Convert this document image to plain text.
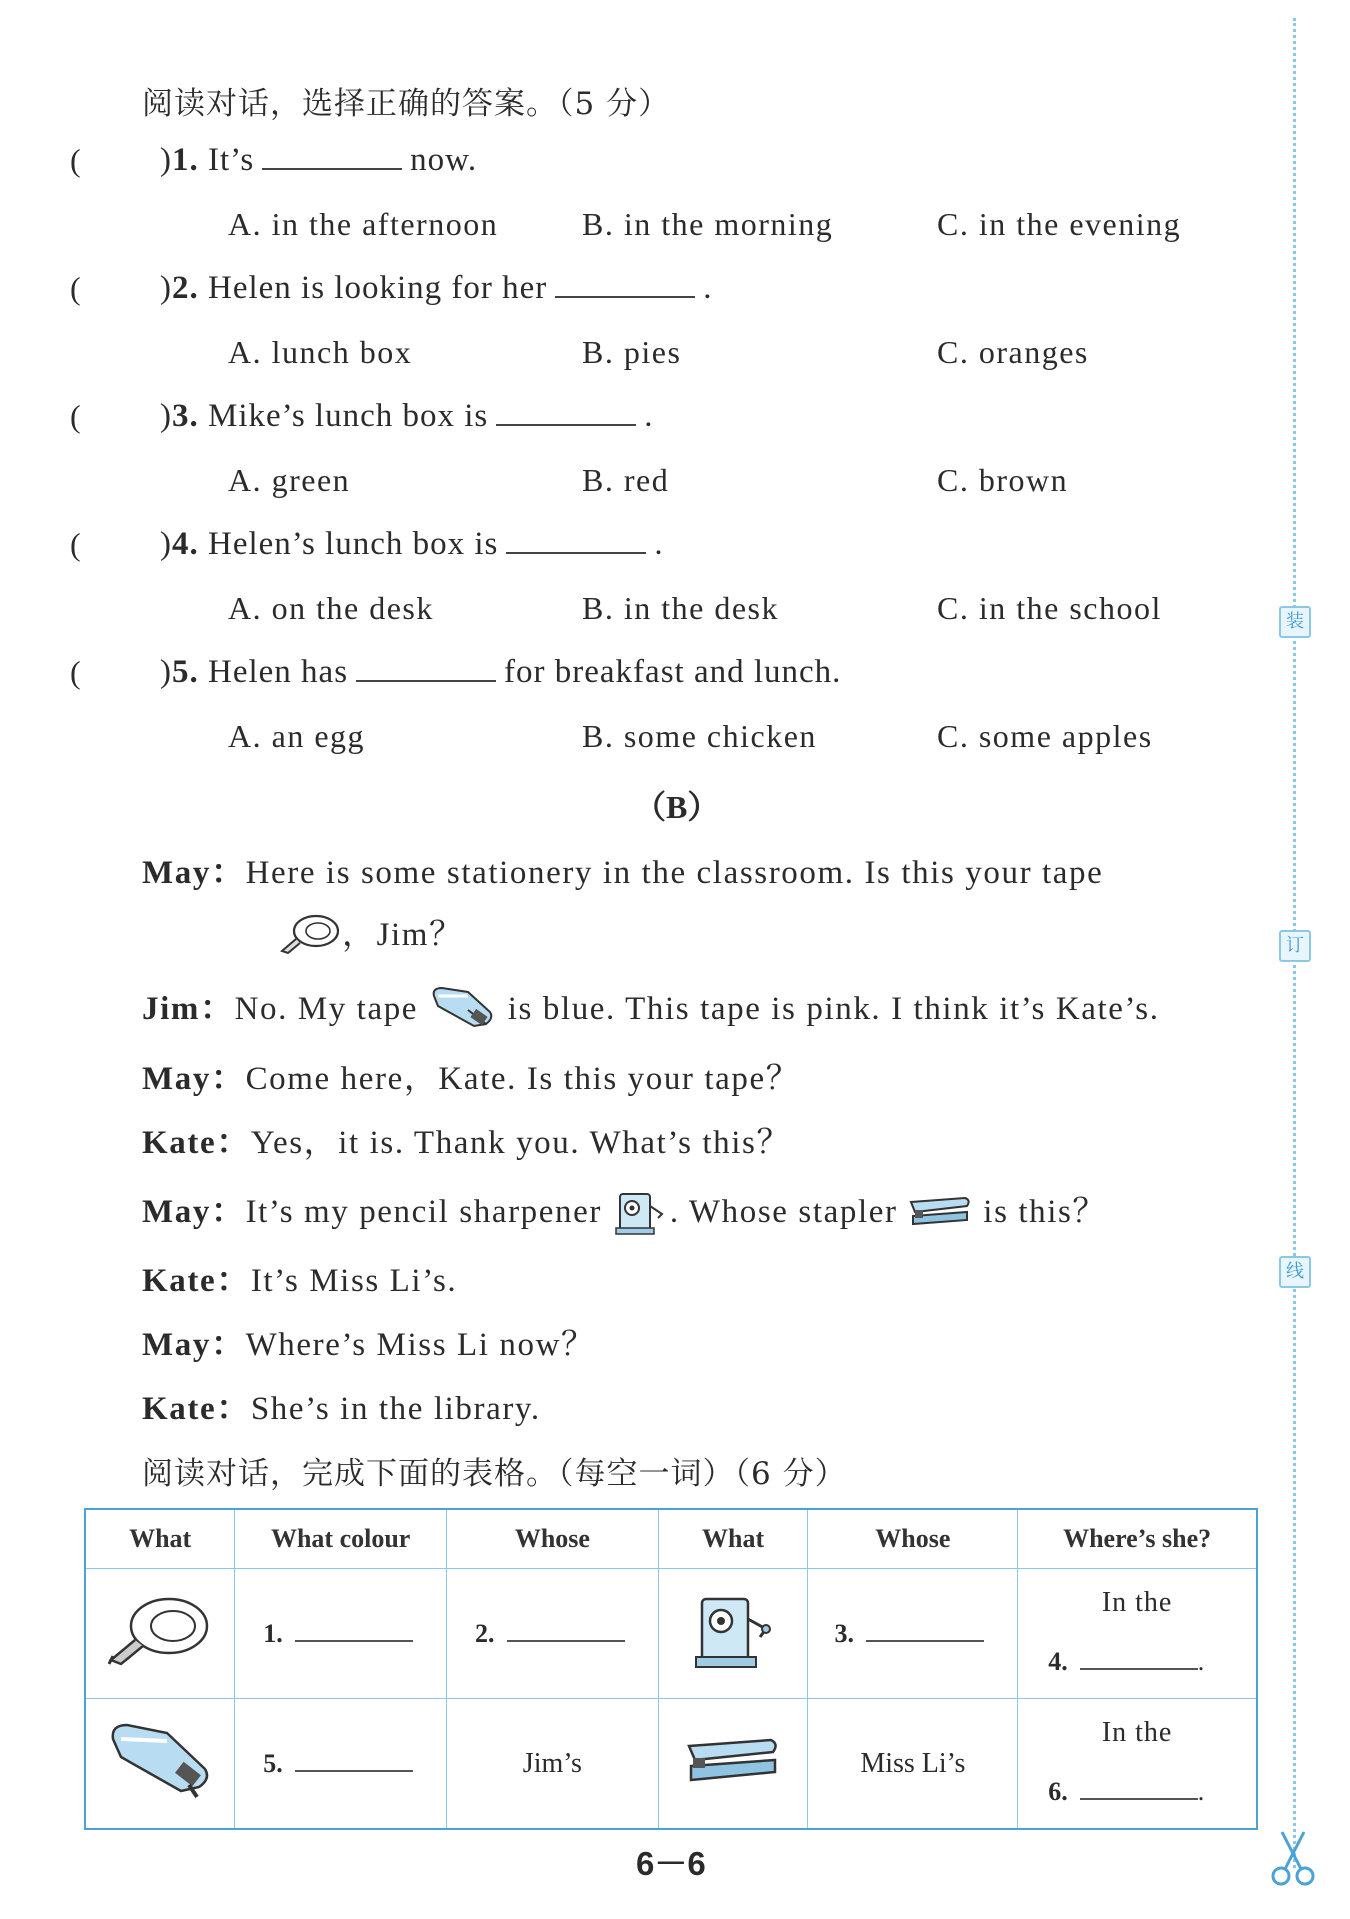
阅读对话，选择正确的答案。（5 分）
( )1. It’s	now.
A. in the afternoon	B. in the morning	C. in the evening
( )2. Helen is looking for her	.
A. lunch box	B. pies	C. oranges
( )3. Mike’s lunch box is	.
A. green	B. red	C. brown
( )4. Helen’s lunch box is	.
A. on the desk	B. in the desk	C. in the school
( )5. Helen has	for breakfast and lunch.
A. an egg	B. some chicken	C. some apples
（B）
May：Here is some stationery in the classroom. Is this your tape
，Jim？
Jim：No. My tape	is blue. This tape is pink. I think it’s Kate’s.
May：Come here，Kate. Is this your tape？
Kate：Yes，it is. Thank you. What’s this？
May：It’s my pencil sharpener . Whose stapler	is this？
Kate：It’s Miss Li’s.
May：Where’s Miss Li now？
Kate：She’s in the library.
阅读对话，完成下面的表格。（每空一词）（6 分）
What	What colour	Whose	What	Whose	Where’s she?
	1.	2.		3.	In the
4. .

	5.	Jim’s		Miss Li’s	In the
6. .
6－6
装
订
线
